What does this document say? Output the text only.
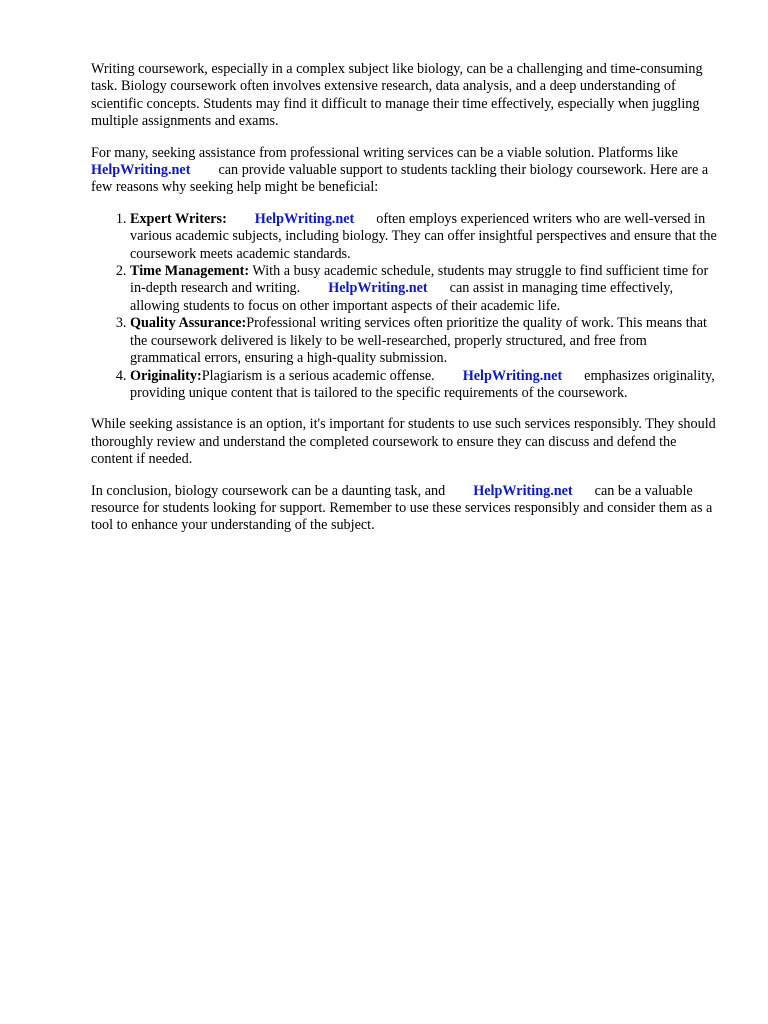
Writing coursework, especially in a complex subject like biology, can be a challenging and time-consuming task. Biology coursework often involves extensive research, data analysis, and a deep understanding of scientific concepts. Students may find it difficult to manage their time effectively, especially when juggling multiple assignments and exams.

For many, seeking assistance from professional writing services can be a viable solution. Platforms likeHelpWriting.net can provide valuable support to students tackling their biology coursework. Here are a few reasons why seeking help might be beneficial:

1. Expert Writers: HelpWriting.net often employs experienced writers who are well-versed in various academic subjects, including biology. They can offer insightful perspectives and ensure that the coursework meets academic standards.
2. Time Management: With a busy academic schedule, students may struggle to find sufficient time for in-depth research and writing. HelpWriting.net can assist in managing time effectively, allowing students to focus on other important aspects of their academic life.
3. Quality Assurance:Professional writing services often prioritize the quality of work. This means that the coursework delivered is likely to be well-researched, properly structured, and free from grammatical errors, ensuring a high-quality submission.
4. Originality:Plagiarism is a serious academic offense. HelpWriting.net emphasizes originality, providing unique content that is tailored to the specific requirements of the coursework.

While seeking assistance is an option, it's important for students to use such services responsibly. They should thoroughly review and understand the completed coursework to ensure they can discuss and defend the content if needed.

In conclusion, biology coursework can be a daunting task, and HelpWriting.net can be a valuable resource for students looking for support. Remember to use these services responsibly and consider them as a tool to enhance your understanding of the subject.
